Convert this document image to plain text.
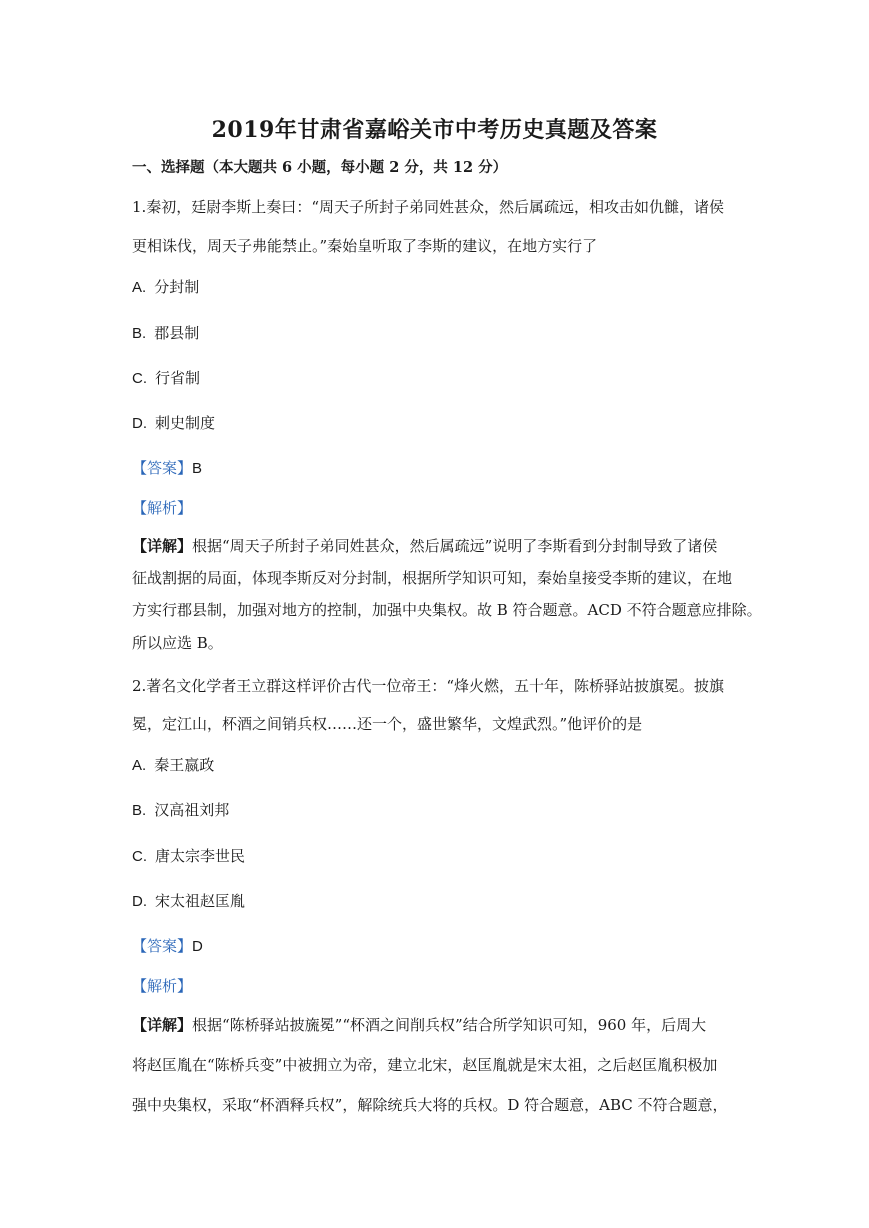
2019年甘肃省嘉峪关市中考历史真题及答案
一、选择题（本大题共 6 小题，每小题 2 分，共 12 分）
1.秦初，廷尉李斯上奏曰：“周天子所封子弟同姓甚众，然后属疏远，相攻击如仇雠，诸侯
更相诛伐，周天子弗能禁止。”秦始皇听取了李斯的建议，在地方实行了
A. 分封制
B. 郡县制
C. 行省制
D. 刺史制度
【答案】B
【解析】
【详解】根据“周天子所封子弟同姓甚众，然后属疏远”说明了李斯看到分封制导致了诸侯
征战割据的局面，体现李斯反对分封制，根据所学知识可知，秦始皇接受李斯的建议，在地
方实行郡县制，加强对地方的控制，加强中央集权。故 B 符合题意。ACD 不符合题意应排除。
所以应选 B。
2.著名文化学者王立群这样评价古代一位帝王：“烽火燃，五十年，陈桥驿站披旗冕。披旗
冕，定江山，杯酒之间销兵权……还一个，盛世繁华，文煌武烈。”他评价的是
A. 秦王嬴政
B. 汉高祖刘邦
C. 唐太宗李世民
D. 宋太祖赵匡胤
【答案】D
【解析】
【详解】根据“陈桥驿站披旒冕”“杯酒之间削兵权”结合所学知识可知，960 年，后周大
将赵匡胤在“陈桥兵变”中被拥立为帝，建立北宋，赵匡胤就是宋太祖，之后赵匡胤积极加
强中央集权，采取“杯酒释兵权”，解除统兵大将的兵权。D 符合题意，ABC 不符合题意，
